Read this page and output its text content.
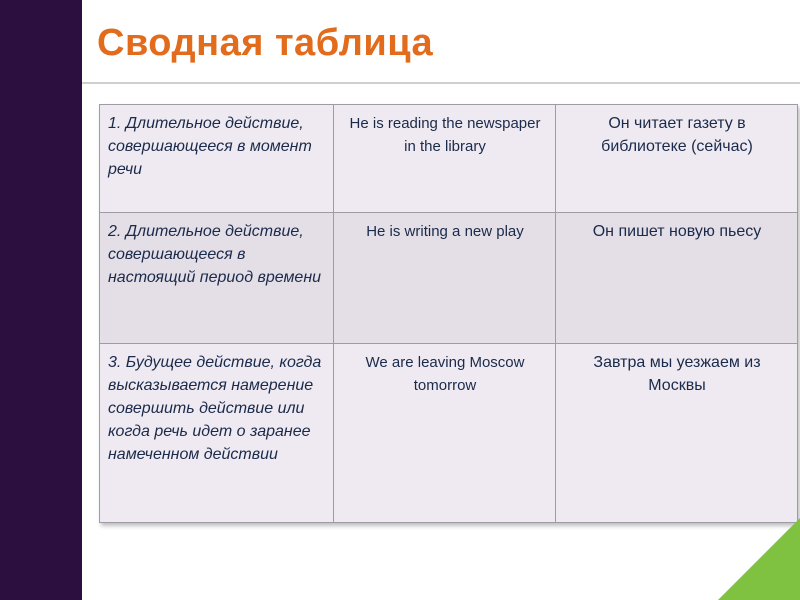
Сводная таблица
1. Длительное действие, совершающееся в момент речи	He is reading the newspaper in the library	Он читает газету в библиотеке (сейчас)
2. Длительное действие, совершающееся в настоящий период времени	He is writing a new play	Он пишет новую пьесу
3. Будущее действие, когда высказывается намерение совершить действие или когда речь идет о заранее намеченном действии	We are leaving Moscow tomorrow	Завтра мы уезжаем из Москвы
